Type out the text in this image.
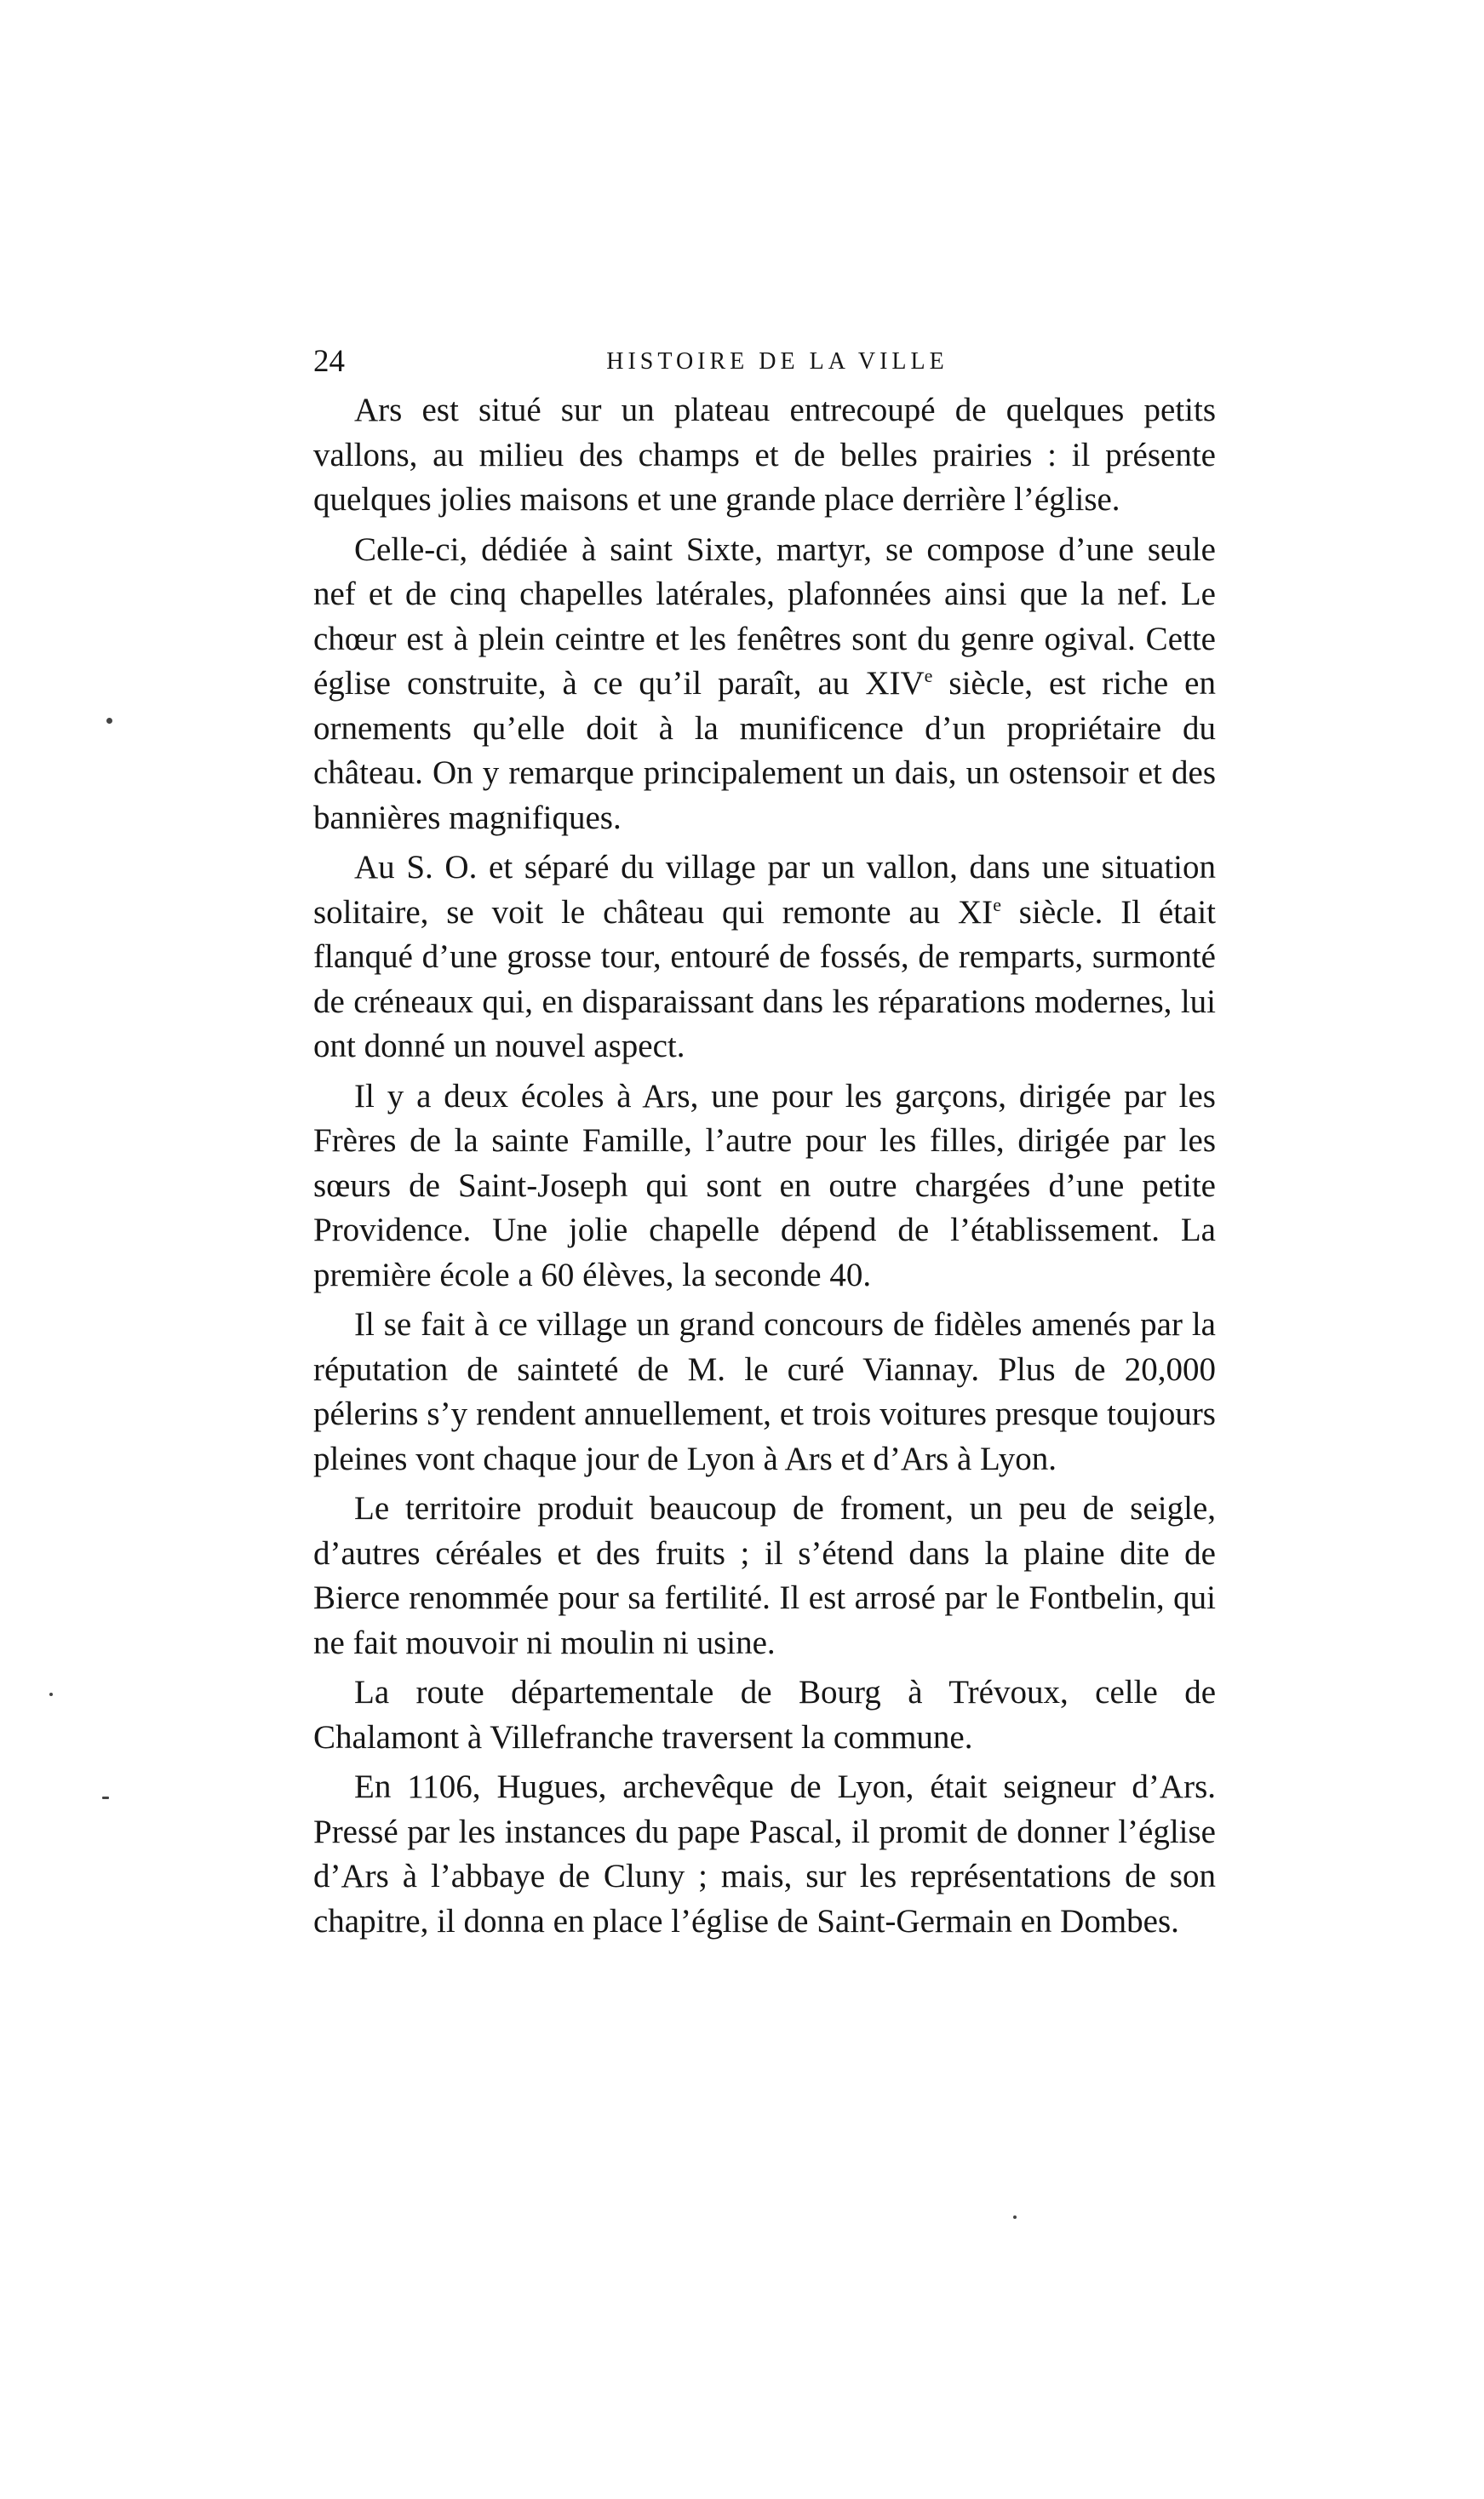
24	HISTOIRE DE LA VILLE

Ars est situé sur un plateau entrecoupé de quelques petits vallons, au milieu des champs et de belles prairies : il présente quelques jolies maisons et une grande place derrière l’église.

Celle-ci, dédiée à saint Sixte, martyr, se compose d’une seule nef et de cinq chapelles latérales, plafonnées ainsi que la nef. Le chœur est à plein ceintre et les fenêtres sont du genre ogival. Cette église construite, à ce qu’il paraît, au XIVe siècle, est riche en ornements qu’elle doit à la munificence d’un propriétaire du château. On y remarque principalement un dais, un ostensoir et des bannières magnifiques.

Au S. O. et séparé du village par un vallon, dans une situation solitaire, se voit le château qui remonte au XIe siècle. Il était flanqué d’une grosse tour, entouré de fossés, de remparts, surmonté de créneaux qui, en disparaissant dans les réparations modernes, lui ont donné un nouvel aspect.

Il y a deux écoles à Ars, une pour les garçons, dirigée par les Frères de la sainte Famille, l’autre pour les filles, dirigée par les sœurs de Saint-Joseph qui sont en outre chargées d’une petite Providence. Une jolie chapelle dépend de l’établissement. La première école a 60 élèves, la seconde 40.

Il se fait à ce village un grand concours de fidèles amenés par la réputation de sainteté de M. le curé Viannay. Plus de 20,000 pélerins s’y rendent annuellement, et trois voitures presque toujours pleines vont chaque jour de Lyon à Ars et d’Ars à Lyon.

Le territoire produit beaucoup de froment, un peu de seigle, d’autres céréales et des fruits ; il s’étend dans la plaine dite de Bierce renommée pour sa fertilité. Il est arrosé par le Fontbelin, qui ne fait mouvoir ni moulin ni usine.

La route départementale de Bourg à Trévoux, celle de Chalamont à Villefranche traversent la commune.

En 1106, Hugues, archevêque de Lyon, était seigneur d’Ars. Pressé par les instances du pape Pascal, il promit de donner l’église d’Ars à l’abbaye de Cluny ; mais, sur les représentations de son chapitre, il donna en place l’église de Saint-Germain en Dombes.
